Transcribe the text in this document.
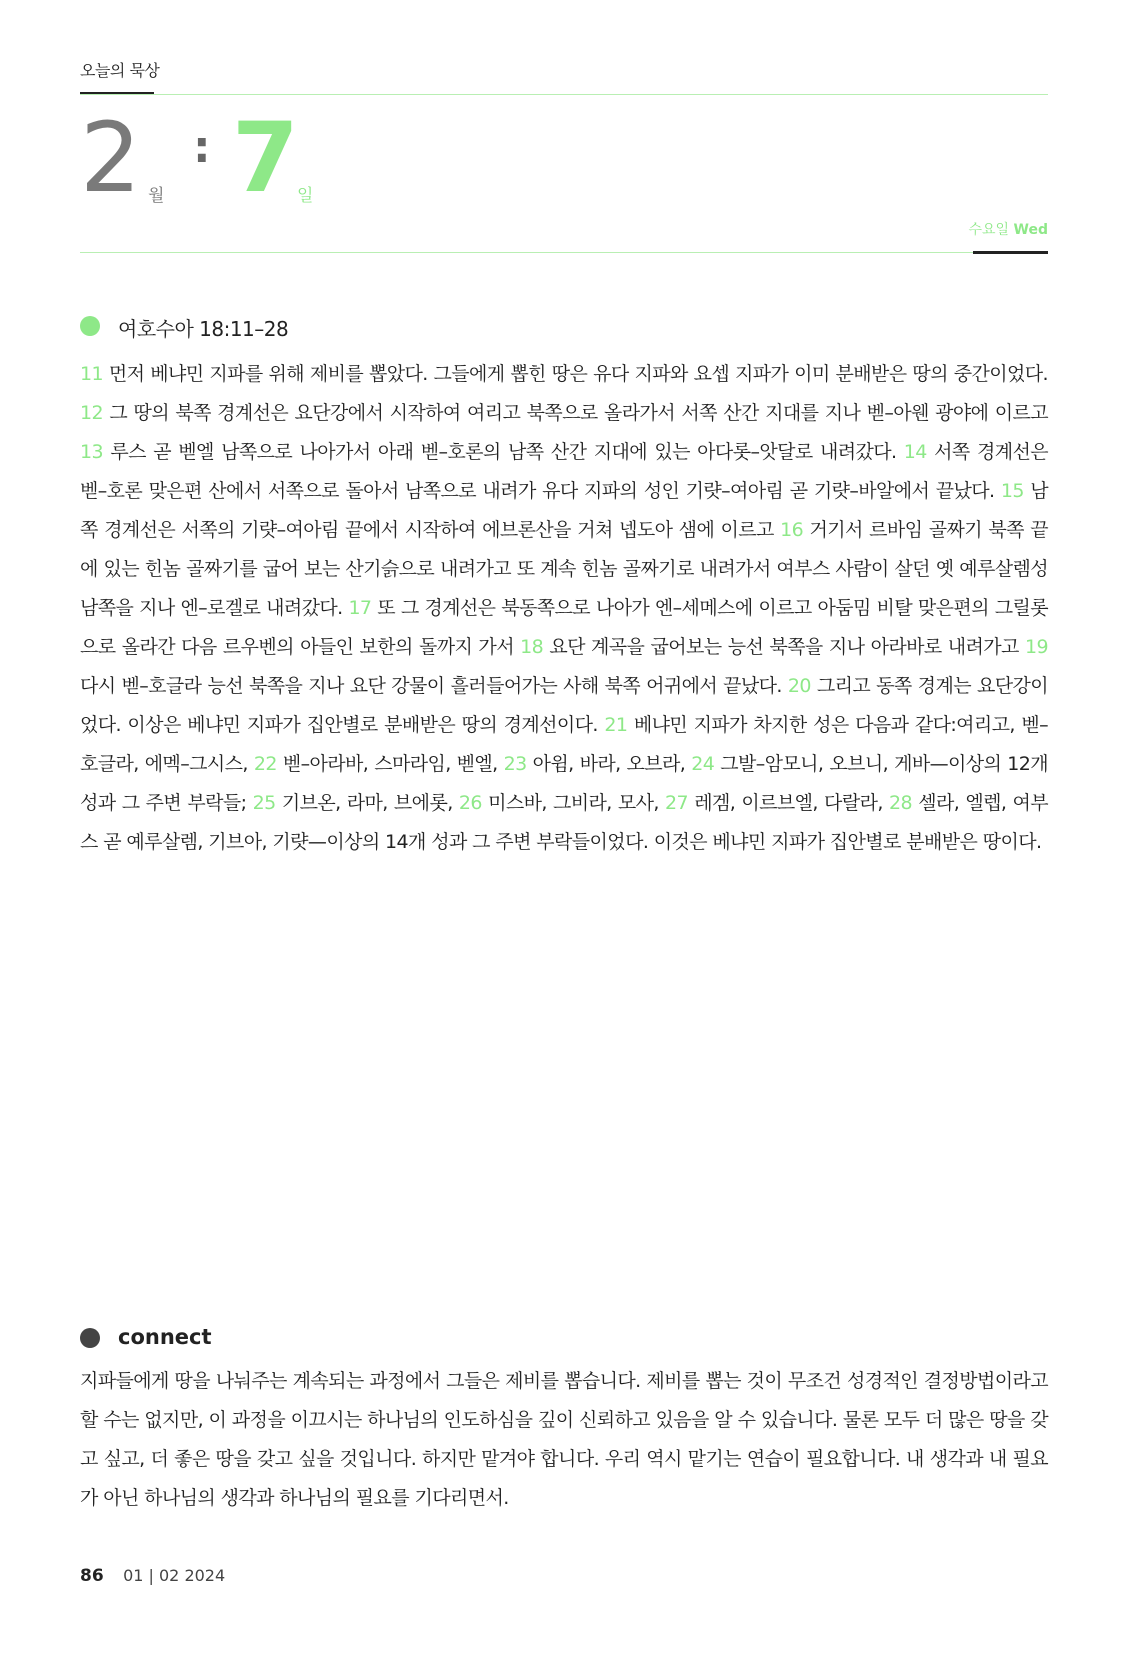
오늘의 묵상
2 월
: 7 일
수요일 Wed
여호수아 18:11–28
11 먼저 베냐민 지파를 위해 제비를 뽑았다. 그들에게 뽑힌 땅은 유다 지파와 요셉 지파가 이미 분배받은 땅의 중간이었다. 12 그 땅의 북쪽 경계선은 요단강에서 시작하여 여리고 북쪽으로 올라가서 서쪽 산간 지대를 지나 벧–아웬 광야에 이르고 13 루스 곧 벧엘 남쪽으로 나아가서 아래 벧–호론의 남쪽 산간 지대에 있는 아다롯–앗달로 내려갔다. 14 서쪽 경계선은 벧–호론 맞은편 산에서 서쪽으로 돌아서 남쪽으로 내려가 유다 지파의 성인 기럇–여아림 곧 기럇–바알에서 끝났다. 15 남쪽 경계선은 서쪽의 기럇–여아림 끝에서 시작하여 에브론산을 거쳐 넵도아 샘에 이르고 16 거기서 르바임 골짜기 북쪽 끝에 있는 힌놈 골짜기를 굽어 보는 산기슭으로 내려가고 또 계속 힌놈 골짜기로 내려가서 여부스 사람이 살던 옛 예루살렘성 남쪽을 지나 엔–로겔로 내려갔다. 17 또 그 경계선은 북동쪽으로 나아가 엔–세메스에 이르고 아둠밈 비탈 맞은편의 그릴롯으로 올라간 다음 르우벤의 아들인 보한의 돌까지 가서 18 요단 계곡을 굽어보는 능선 북쪽을 지나 아라바로 내려가고 19 다시 벧–호글라 능선 북쪽을 지나 요단 강물이 흘러들어가는 사해 북쪽 어귀에서 끝났다. 20 그리고 동쪽 경계는 요단강이었다. 이상은 베냐민 지파가 집안별로 분배받은 땅의 경계선이다. 21 베냐민 지파가 차지한 성은 다음과 같다:여리고, 벧–호글라, 에멕–그시스, 22 벧–아라바, 스마라임, 벧엘, 23 아윔, 바라, 오브라, 24 그발–암모니, 오브니, 게바—이상의 12개 성과 그 주변 부락들; 25 기브온, 라마, 브에롯, 26 미스바, 그비라, 모사, 27 레겜, 이르브엘, 다랄라, 28 셀라, 엘렙, 여부스 곧 예루살렘, 기브아, 기럇—이상의 14개 성과 그 주변 부락들이었다. 이것은 베냐민 지파가 집안별로 분배받은 땅이다.
connect
지파들에게 땅을 나눠주는 계속되는 과정에서 그들은 제비를 뽑습니다. 제비를 뽑는 것이 무조건 성경적인 결정방법이라고 할 수는 없지만, 이 과정을 이끄시는 하나님의 인도하심을 깊이 신뢰하고 있음을 알 수 있습니다. 물론 모두 더 많은 땅을 갖고 싶고, 더 좋은 땅을 갖고 싶을 것입니다. 하지만 맡겨야 합니다. 우리 역시 맡기는 연습이 필요합니다. 내 생각과 내 필요가 아닌 하나님의 생각과 하나님의 필요를 기다리면서.
86 01 | 02 2024
